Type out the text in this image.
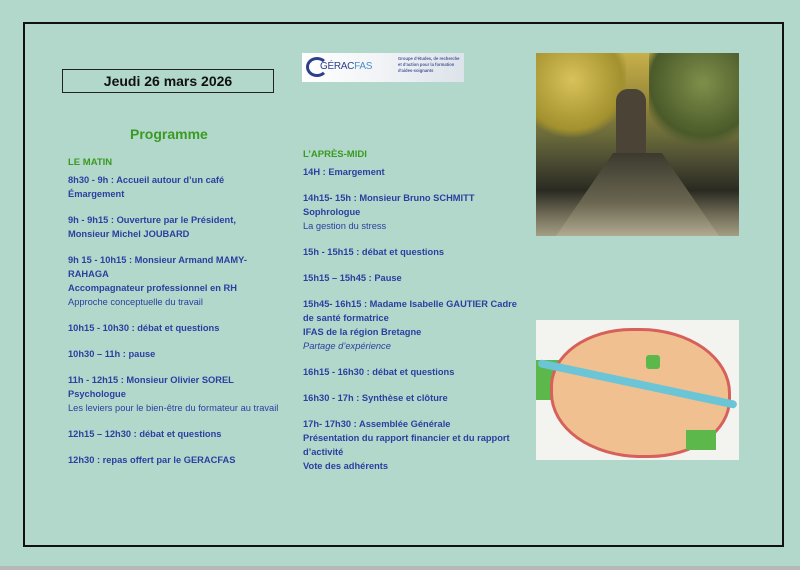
Jeudi 26 mars 2026
GÉRACFAS
Groupe d'études, de recherche et d'action pour la formation d'aides-soignants
Programme
LE MATIN
8h30 - 9h : Accueil autour d’un café
Émargement
9h - 9h15 : Ouverture par le Président,
Monsieur Michel JOUBARD
9h 15 - 10h15 : Monsieur Armand MAMY-RAHAGA
Accompagnateur professionnel en RH
Approche conceptuelle du travail
10h15 - 10h30 : débat et questions
10h30 – 11h : pause
11h - 12h15 : Monsieur Olivier SOREL
Psychologue
Les leviers pour le bien-être du formateur au travail
12h15 – 12h30 : débat et questions
12h30 : repas offert par le GERACFAS
L’APRÈS-MIDI
14H : Emargement
14h15- 15h : Monsieur Bruno SCHMITT
Sophrologue
La gestion du stress
15h - 15h15 : débat et questions
15h15 – 15h45 : Pause
15h45- 16h15 : Madame Isabelle GAUTIER Cadre de santé formatrice
IFAS de la région Bretagne
Partage d’expérience
16h15 - 16h30 : débat et questions
16h30 - 17h : Synthèse et clôture
17h- 17h30 : Assemblée Générale
Présentation du rapport financier et du rapport d’activité
Vote des adhérents
